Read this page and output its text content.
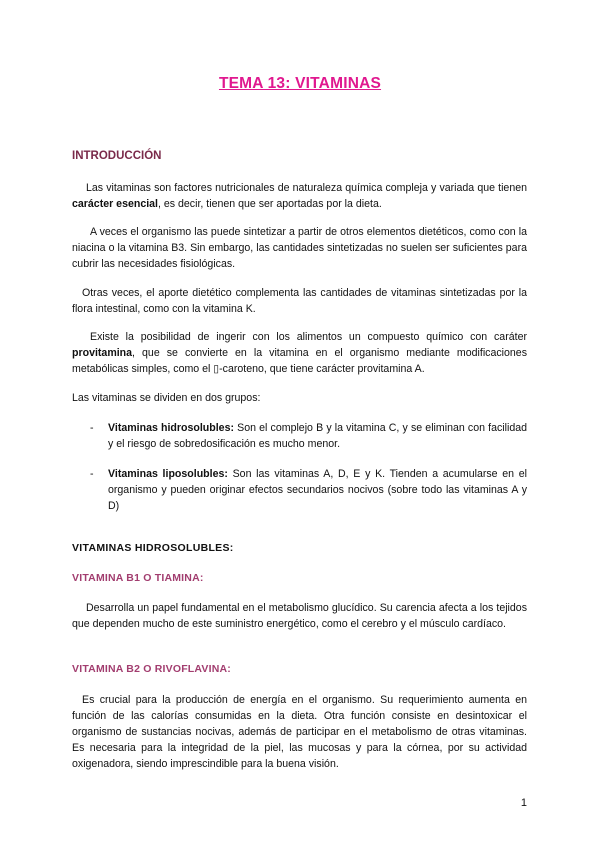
TEMA 13: VITAMINAS
INTRODUCCIÓN

Las vitaminas son factores nutricionales de naturaleza química compleja y variada que tienen carácter esencial, es decir, tienen que ser aportadas por la dieta.

A veces el organismo las puede sintetizar a partir de otros elementos dietéticos, como con la niacina o la vitamina B3. Sin embargo, las cantidades sintetizadas no suelen ser suficientes para cubrir las necesidades fisiológicas.

Otras veces, el aporte dietético complementa las cantidades de vitaminas sintetizadas por la flora intestinal, como con la vitamina K.

Existe la posibilidad de ingerir con los alimentos un compuesto químico con caráter provitamina, que se convierte en la vitamina en el organismo mediante modificaciones metabólicas simples, como el ▯-caroteno, que tiene carácter provitamina A.

Las vitaminas se dividen en dos grupos:

- Vitaminas hidrosolubles: Son el complejo B y la vitamina C, y se eliminan con facilidad y el riesgo de sobredosificación es mucho menor.
- Vitaminas liposolubles: Son las vitaminas A, D, E y K. Tienden a acumularse en el organismo y pueden originar efectos secundarios nocivos (sobre todo las vitaminas A y D)
VITAMINAS HIDROSOLUBLES:
VITAMINA B1 O TIAMINA:

Desarrolla un papel fundamental en el metabolismo glucídico. Su carencia afecta a los tejidos que dependen mucho de este suministro energético, como el cerebro y el músculo cardíaco.

VITAMINA B2 O RIVOFLAVINA:

Es crucial para la producción de energía en el organismo. Su requerimiento aumenta en función de las calorías consumidas en la dieta. Otra función consiste en desintoxicar el organismo de sustancias nocivas, además de participar en el metabolismo de otras vitaminas. Es necesaria para la integridad de la piel, las mucosas y para la córnea, por su actividad oxigenadora, siendo imprescindible para la buena visión.

1
